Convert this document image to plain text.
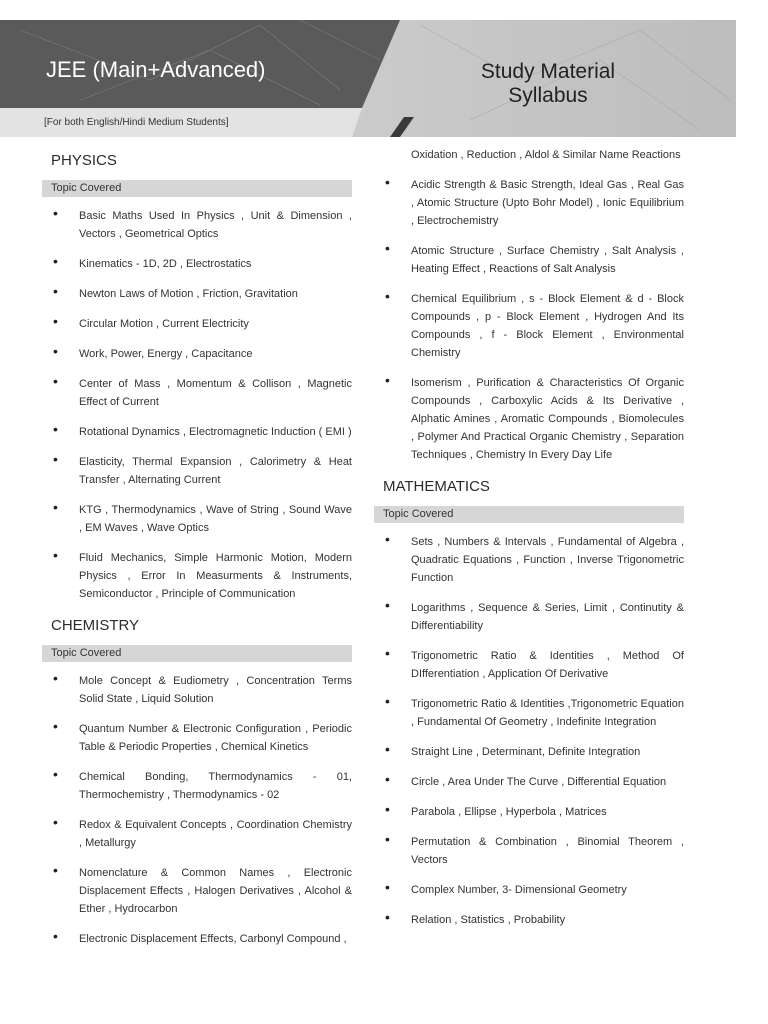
JEE (Main+Advanced)	Study Material
Syllabus
[For both English/Hindi Medium Students]
PHYSICS
Topic Covered
• Basic Maths Used In Physics , Unit & Dimension , Vectors , Geometrical Optics
• Kinematics - 1D, 2D , Electrostatics
• Newton Laws of Motion , Friction, Gravitation
• Circular Motion , Current Electricity
• Work, Power, Energy , Capacitance
• Center of Mass , Momentum & Collison , Magnetic Effect of Current
• Rotational Dynamics , Electromagnetic Induction ( EMI )
• Elasticity, Thermal Expansion , Calorimetry & Heat Transfer , Alternating Current
• KTG , Thermodynamics , Wave of String , Sound Wave , EM Waves , Wave Optics
• Fluid Mechanics, Simple Harmonic Motion, Modern Physics , Error In Measurments & Instruments, Semiconductor , Principle of Communication
CHEMISTRY
Topic Covered
• Mole Concept & Eudiometry , Concentration Terms Solid State , Liquid Solution
• Quantum Number & Electronic Configuration , Periodic Table & Periodic Properties , Chemical Kinetics
• Chemical Bonding, Thermodynamics - 01, Thermochemistry , Thermodynamics - 02
• Redox & Equivalent Concepts , Coordination Chemistry , Metallurgy
• Nomenclature & Common Names , Electronic Displacement Effects , Halogen Derivatives , Alcohol & Ether , Hydrocarbon
• Electronic Displacement Effects, Carbonyl Compound ,
Oxidation , Reduction , Aldol & Similar Name Reactions
• Acidic Strength & Basic Strength, Ideal Gas , Real Gas , Atomic Structure (Upto Bohr Model) , Ionic Equilibrium , Electrochemistry
• Atomic Structure , Surface Chemistry , Salt Analysis , Heating Effect , Reactions of Salt Analysis
• Chemical Equilibrium , s - Block Element & d - Block Compounds , p - Block Element , Hydrogen And Its Compounds , f - Block Element , Environmental Chemistry
• Isomerism , Purification & Characteristics Of Organic Compounds , Carboxylic Acids & Its Derivative , Alphatic Amines , Aromatic Compounds , Biomolecules , Polymer And Practical Organic Chemistry , Separation Techniques , Chemistry In Every Day Life
MATHEMATICS
Topic Covered
• Sets , Numbers & Intervals , Fundamental of Algebra , Quadratic Equations , Function , Inverse Trigonometric Function
• Logarithms , Sequence & Series, Limit , Continutity & Differentiability
• Trigonometric Ratio & Identities , Method Of DIfferentiation , Application Of Derivative
• Trigonometric Ratio & Identities ,Trigonometric Equation , Fundamental Of Geometry , Indefinite Integration
• Straight Line , Determinant, Definite Integration
• Circle , Area Under The Curve , Differential Equation
• Parabola , Ellipse , Hyperbola , Matrices
• Permutation & Combination , Binomial Theorem , Vectors
• Complex Number, 3- Dimensional Geometry
• Relation , Statistics , Probability
